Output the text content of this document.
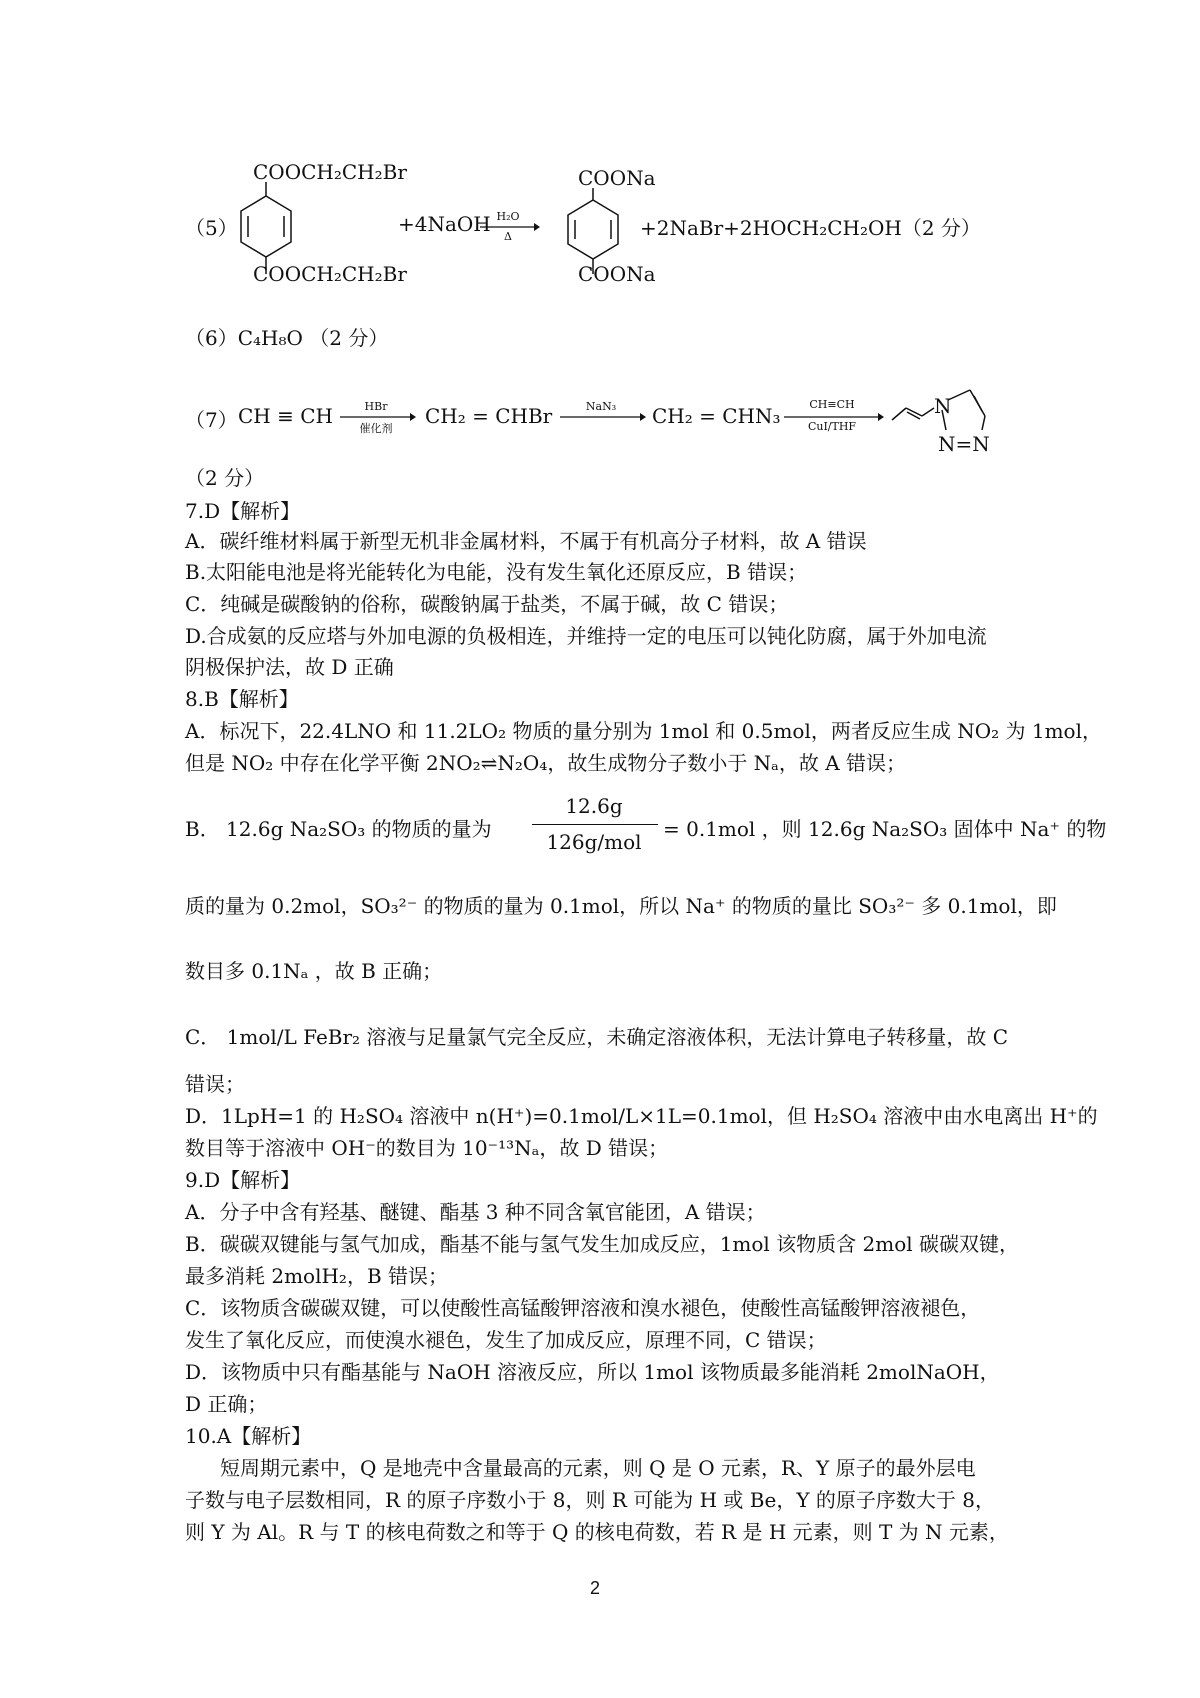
（5）
COOCH₂CH₂Br
COOCH₂CH₂Br
+4NaOH H₂O
Δ
COONa
COONa
+2NaBr+2HOCH₂CH₂OH（2 分）
（6）C₄H₈O （2 分）
（7） CH ≡ CH	HBr
催化剂
CH₂ = CHBr	NaN₃	CH₂ = CHN₃	CH≡CH
CuI/THF
N
N=N
（2 分）
7.D【解析】
A．碳纤维材料属于新型无机非金属材料，不属于有机高分子材料，故 A 错误
B.太阳能电池是将光能转化为电能，没有发生氧化还原反应，B 错误；
C．纯碱是碳酸钠的俗称，碳酸钠属于盐类，不属于碱，故 C 错误；
D.合成氨的反应塔与外加电源的负极相连，并维持一定的电压可以钝化防腐，属于外加电流
阴极保护法，故 D 正确
8.B【解析】
A．标况下，22.4LNO 和 11.2LO₂ 物质的量分别为 1mol 和 0.5mol，两者反应生成 NO₂ 为 1mol，
但是 NO₂ 中存在化学平衡 2NO₂⇌N₂O₄，故生成物分子数小于 Nₐ，故 A 错误；
B． 12.6g Na₂SO₃ 的物质的量为
12.6g
126g/mol
= 0.1mol ，则 12.6g Na₂SO₃ 固体中 Na⁺ 的物
质的量为 0.2mol，SO₃²⁻ 的物质的量为 0.1mol，所以 Na⁺ 的物质的量比 SO₃²⁻ 多 0.1mol，即
数目多 0.1Nₐ ，故 B 正确；
C． 1mol/L FeBr₂ 溶液与足量氯气完全反应，未确定溶液体积，无法计算电子转移量，故 C
错误；
D．1LpH=1 的 H₂SO₄ 溶液中 n(H⁺)=0.1mol/L×1L=0.1mol，但 H₂SO₄ 溶液中由水电离出 H⁺的
数目等于溶液中 OH⁻的数目为 10⁻¹³Nₐ，故 D 错误；
9.D【解析】
A．分子中含有羟基、醚键、酯基 3 种不同含氧官能团，A 错误；
B．碳碳双键能与氢气加成，酯基不能与氢气发生加成反应，1mol 该物质含 2mol 碳碳双键，
最多消耗 2molH₂，B 错误；
C．该物质含碳碳双键，可以使酸性高锰酸钾溶液和溴水褪色，使酸性高锰酸钾溶液褪色，
发生了氧化反应，而使溴水褪色，发生了加成反应，原理不同，C 错误；
D．该物质中只有酯基能与 NaOH 溶液反应，所以 1mol 该物质最多能消耗 2molNaOH，
D 正确；
10.A【解析】
短周期元素中，Q 是地壳中含量最高的元素，则 Q 是 O 元素，R、Y 原子的最外层电
子数与电子层数相同，R 的原子序数小于 8，则 R 可能为 H 或 Be，Y 的原子序数大于 8，
则 Y 为 Al。R 与 T 的核电荷数之和等于 Q 的核电荷数，若 R 是 H 元素，则 T 为 N 元素，
2
